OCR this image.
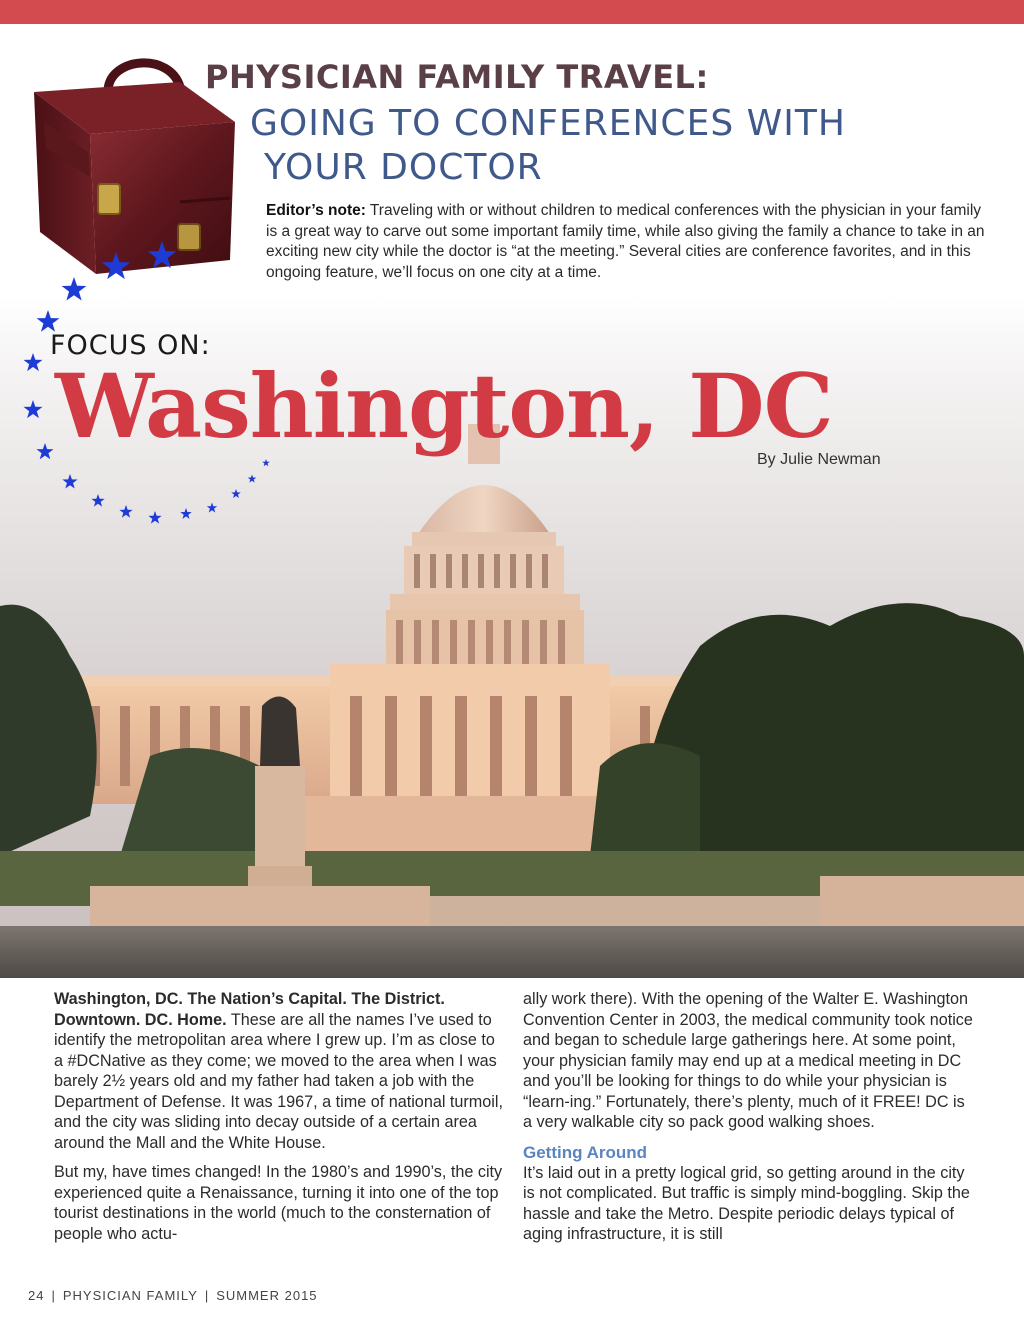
PHYSICIAN FAMILY TRAVEL:
GOING TO CONFERENCES WITH
YOUR DOCTOR
Editor’s note: Traveling with or without children to medical conferences with the physician in your family is a great way to carve out some important family time, while also giving the family a chance to take in an exciting new city while the doctor is “at the meeting.” Several cities are conference favorites, and in this ongoing feature, we’ll focus on one city at a time.
FOCUS ON:
Washington, DC
By Julie Newman

Washington, DC. The Nation’s Capital. The District. Downtown. DC. Home. These are all the names I’ve used to identify the metropolitan area where I grew up. I’m as close to a #DCNative as they come; we moved to the area when I was barely 2½ years old and my father had taken a job with the Department of Defense. It was 1967, a time of national turmoil, and the city was sliding into decay outside of a certain area around the Mall and the White House.

But my, have times changed! In the 1980’s and 1990’s, the city experienced quite a Renaissance, turning it into one of the top tourist destinations in the world (much to the consternation of people who actu-

ally work there). With the opening of the Walter E. Washington Convention Center in 2003, the medical community took notice and began to schedule large gatherings here. At some point, your physician family may end up at a medical meeting in DC and you’ll be looking for things to do while your physician is “learn-ing.” Fortunately, there’s plenty, much of it FREE! DC is a very walkable city so pack good walking shoes.

Getting Around

It’s laid out in a pretty logical grid, so getting around in the city is not complicated. But traffic is simply mind-boggling. Skip the hassle and take the Metro. Despite periodic delays typical of aging infrastructure, it is still

24 | PHYSICIAN FAMILY | SUMMER 2015
